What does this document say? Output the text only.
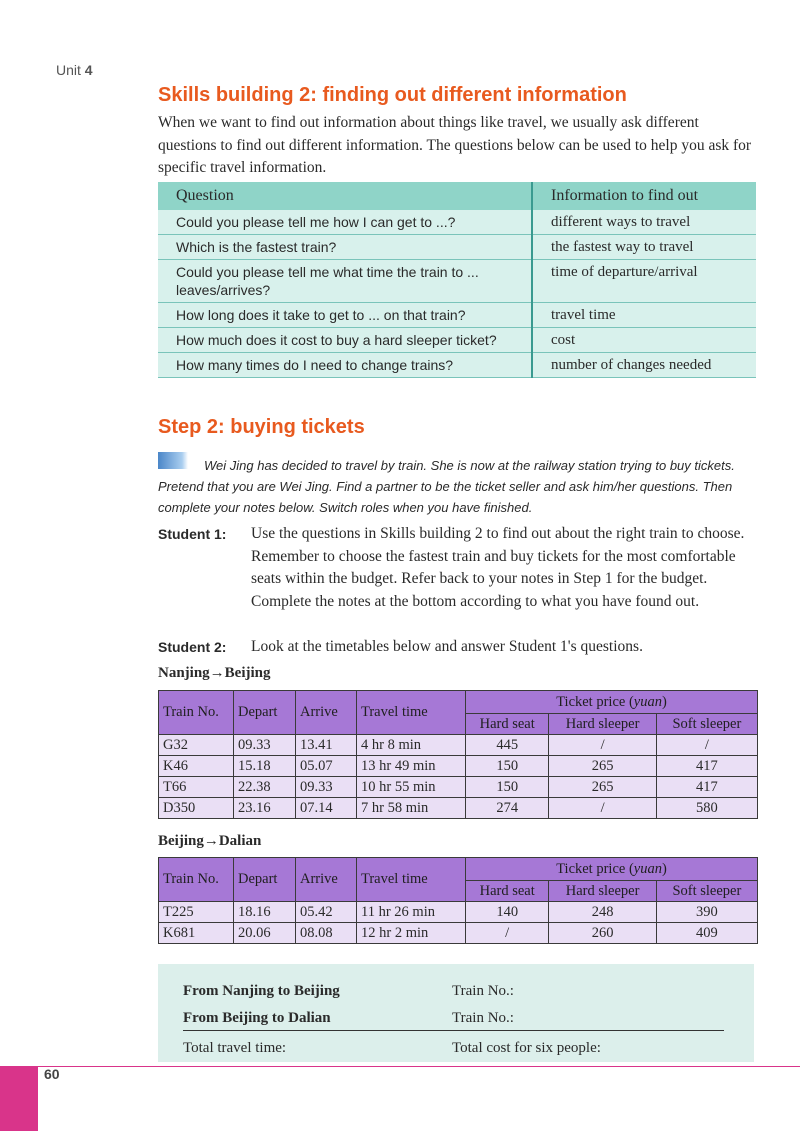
Unit 4
Skills building 2: finding out different information
When we want to find out information about things like travel, we usually ask different questions to find out different information. The questions below can be used to help you ask for specific travel information.
Question	Information to find out
Could you please tell me how I can get to ...?	different ways to travel
Which is the fastest train?	the fastest way to travel
Could you please tell me what time the train to ... leaves/arrives?	time of departure/arrival
How long does it take to get to ... on that train?	travel time
How much does it cost to buy a hard sleeper ticket?	cost
How many times do I need to change trains?	number of changes needed
Step 2: buying tickets
Wei Jing has decided to travel by train. She is now at the railway station trying to buy tickets. Pretend that you are Wei Jing. Find a partner to be the ticket seller and ask him/her questions. Then complete your notes below. Switch roles when you have finished.
Student 1: Use the questions in Skills building 2 to find out about the right train to choose. Remember to choose the fastest train and buy tickets for the most comfortable seats within the budget. Refer back to your notes in Step 1 for the budget. Complete the notes at the bottom according to what you have found out.
Student 2: Look at the timetables below and answer Student 1's questions.
Nanjing→Beijing
Train No.	Depart	Arrive	Travel time	Ticket price (yuan)		
				Hard seat	Hard sleeper	Soft sleeper
G32	09.33	13.41	4 hr 8 min	445	/	/
K46	15.18	05.07	13 hr 49 min	150	265	417
T66	22.38	09.33	10 hr 55 min	150	265	417
D350	23.16	07.14	7 hr 58 min	274	/	580
Beijing→Dalian
Train No.	Depart	Arrive	Travel time	Ticket price (yuan)		
				Hard seat	Hard sleeper	Soft sleeper
T225	18.16	05.42	11 hr 26 min	140	248	390
K681	20.06	08.08	12 hr 2 min	/	260	409
From Nanjing to Beijing	Train No.:
From Beijing to Dalian	Train No.:
Total travel time:	Total cost for six people:
60
